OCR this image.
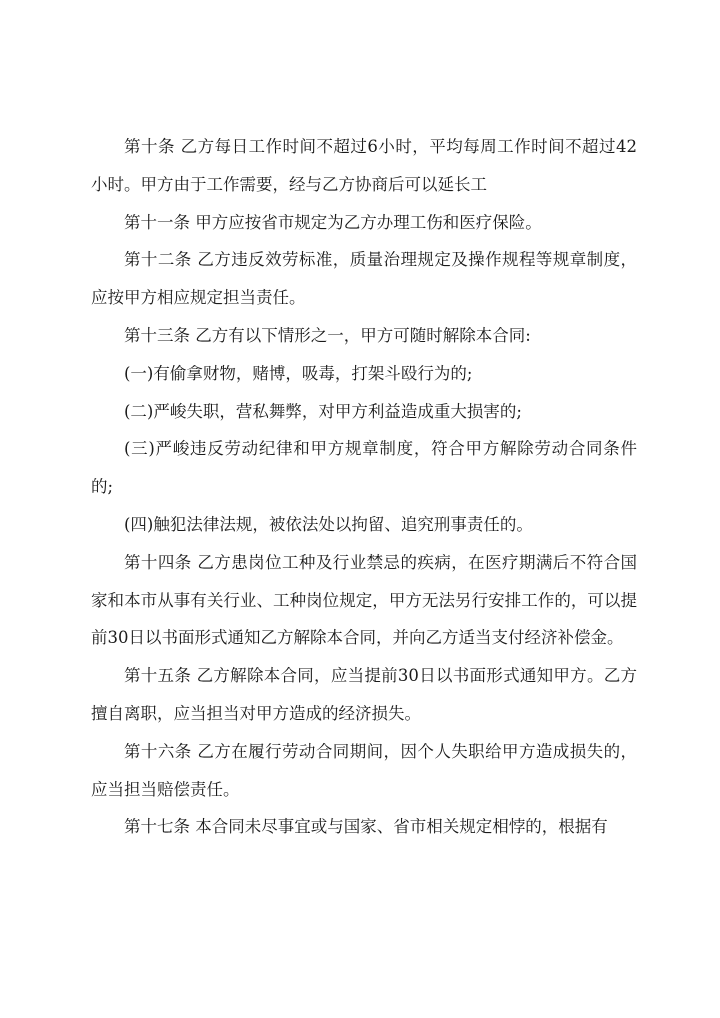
第十条 乙方每日工作时间不超过6小时，平均每周工作时间不超过42小时。甲方由于工作需要，经与乙方协商后可以延长工

第十一条 甲方应按省市规定为乙方办理工伤和医疗保险。

第十二条 乙方违反效劳标准，质量治理规定及操作规程等规章制度，应按甲方相应规定担当责任。

第十三条 乙方有以下情形之一，甲方可随时解除本合同:

(一)有偷拿财物，赌博，吸毒，打架斗殴行为的;

(二)严峻失职，营私舞弊，对甲方利益造成重大损害的;

(三)严峻违反劳动纪律和甲方规章制度，符合甲方解除劳动合同条件的;

(四)触犯法律法规，被依法处以拘留、追究刑事责任的。

第十四条 乙方患岗位工种及行业禁忌的疾病，在医疗期满后不符合国家和本市从事有关行业、工种岗位规定，甲方无法另行安排工作的，可以提前30日以书面形式通知乙方解除本合同，并向乙方适当支付经济补偿金。

第十五条 乙方解除本合同，应当提前30日以书面形式通知甲方。乙方擅自离职，应当担当对甲方造成的经济损失。

第十六条 乙方在履行劳动合同期间，因个人失职给甲方造成损失的，应当担当赔偿责任。

第十七条 本合同未尽事宜或与国家、省市相关规定相悖的，根据有
